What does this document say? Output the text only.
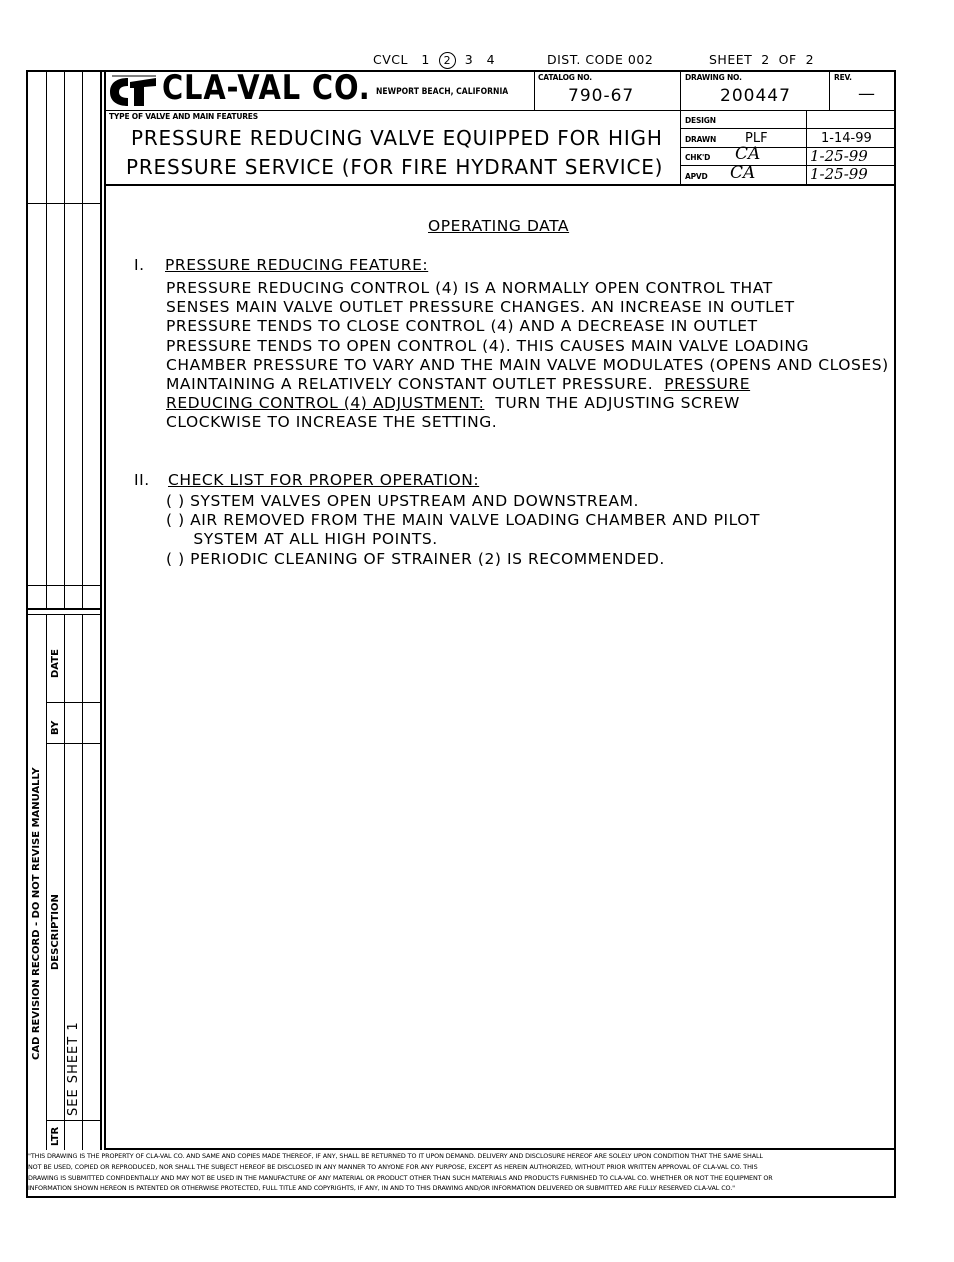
CVCL 1 2 3 4	DIST. CODE 002	SHEET  2  OF  2
CAD REVISION RECORD - DO NOT REVISE MANUALLY
LTR
DESCRIPTION
BY
DATE
SEE SHEET 1
CLA-VAL CO. NEWPORT BEACH, CALIFORNIA
CATALOG NO.
790-67
DRAWING NO.
200447
REV.
—
TYPE OF VALVE AND MAIN FEATURES
PRESSURE REDUCING VALVE EQUIPPED FOR HIGH
PRESSURE SERVICE (FOR FIRE HYDRANT SERVICE)
DESIGN
DRAWN PLF	1-14-99
CHK'D CA	1-25-99
APVD CA	1-25-99
OPERATING DATA
I. PRESSURE REDUCING FEATURE:
PRESSURE REDUCING CONTROL (4) IS A NORMALLY OPEN CONTROL THAT
SENSES MAIN VALVE OUTLET PRESSURE CHANGES. AN INCREASE IN OUTLET
PRESSURE TENDS TO CLOSE CONTROL (4) AND A DECREASE IN OUTLET
PRESSURE TENDS TO OPEN CONTROL (4). THIS CAUSES MAIN VALVE LOADING
CHAMBER PRESSURE TO VARY AND THE MAIN VALVE MODULATES (OPENS AND CLOSES)
MAINTAINING A RELATIVELY CONSTANT OUTLET PRESSURE.  PRESSURE
REDUCING CONTROL (4) ADJUSTMENT:  TURN THE ADJUSTING SCREW
CLOCKWISE TO INCREASE THE SETTING.
II. CHECK LIST FOR PROPER OPERATION:
( ) SYSTEM VALVES OPEN UPSTREAM AND DOWNSTREAM.
( ) AIR REMOVED FROM THE MAIN VALVE LOADING CHAMBER AND PILOT
SYSTEM AT ALL HIGH POINTS.
( ) PERIODIC CLEANING OF STRAINER (2) IS RECOMMENDED.
"THIS DRAWING IS THE PROPERTY OF CLA-VAL CO. AND SAME AND COPIES MADE THEREOF, IF ANY, SHALL BE RETURNED TO IT UPON DEMAND. DELIVERY AND DISCLOSURE HEREOF ARE SOLELY UPON CONDITION THAT THE SAME SHALL
NOT BE USED, COPIED OR REPRODUCED, NOR SHALL THE SUBJECT HEREOF BE DISCLOSED IN ANY MANNER TO ANYONE FOR ANY PURPOSE, EXCEPT AS HEREIN AUTHORIZED, WITHOUT PRIOR WRITTEN APPROVAL OF CLA-VAL CO. THIS
DRAWING IS SUBMITTED CONFIDENTIALLY AND MAY NOT BE USED IN THE MANUFACTURE OF ANY MATERIAL OR PRODUCT OTHER THAN SUCH MATERIALS AND PRODUCTS FURNISHED TO CLA-VAL CO. WHETHER OR NOT THE EQUIPMENT OR
INFORMATION SHOWN HEREON IS PATENTED OR OTHERWISE PROTECTED, FULL TITLE AND COPYRIGHTS, IF ANY, IN AND TO THIS DRAWING AND/OR INFORMATION DELIVERED OR SUBMITTED ARE FULLY RESERVED CLA-VAL CO."
